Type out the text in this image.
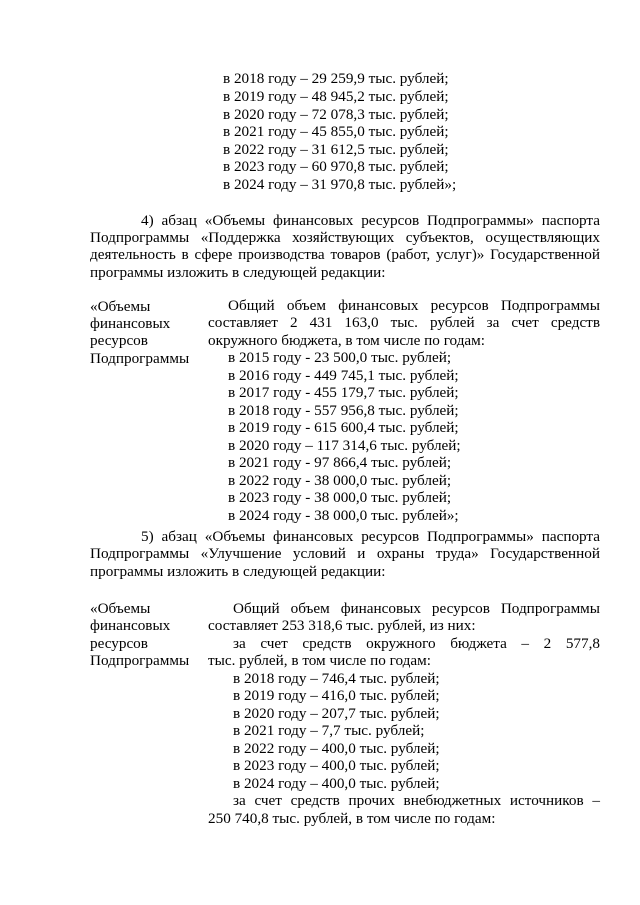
в 2018 году – 29 259,9 тыс. рублей;
в 2019 году – 48 945,2 тыс. рублей;
в 2020 году – 72 078,3 тыс. рублей;
в 2021 году – 45 855,0 тыс. рублей;
в 2022 году – 31 612,5 тыс. рублей;
в 2023 году – 60 970,8 тыс. рублей;
в 2024 году – 31 970,8 тыс. рублей»;
4) абзац «Объемы финансовых ресурсов Подпрограммы» паспорта
Подпрограммы «Поддержка хозяйствующих субъектов, осуществляющих
деятельность в сфере производства товаров (работ, услуг)» Государственной
программы изложить в следующей редакции:
«Объемы
финансовых
ресурсов
Подпрограммы
Общий объем финансовых ресурсов Подпрограммы
составляет 2 431 163,0 тыс. рублей за счет средств
окружного бюджета, в том числе по годам:
в 2015 году - 23 500,0 тыс. рублей;
в 2016 году - 449 745,1 тыс. рублей;
в 2017 году - 455 179,7 тыс. рублей;
в 2018 году - 557 956,8 тыс. рублей;
в 2019 году - 615 600,4 тыс. рублей;
в 2020 году – 117 314,6 тыс. рублей;
в 2021 году - 97 866,4 тыс. рублей;
в 2022 году - 38 000,0 тыс. рублей;
в 2023 году - 38 000,0 тыс. рублей;
в 2024 году - 38 000,0 тыс. рублей»;
5) абзац «Объемы финансовых ресурсов Подпрограммы» паспорта
Подпрограммы «Улучшение условий и охраны труда» Государственной
программы изложить в следующей редакции:
«Объемы
финансовых
ресурсов
Подпрограммы
Общий объем финансовых ресурсов Подпрограммы
составляет 253 318,6 тыс. рублей, из них:
за счет средств окружного бюджета – 2 577,8
тыс. рублей, в том числе по годам:
в 2018 году – 746,4 тыс. рублей;
в 2019 году – 416,0 тыс. рублей;
в 2020 году – 207,7 тыс. рублей;
в 2021 году – 7,7 тыс. рублей;
в 2022 году – 400,0 тыс. рублей;
в 2023 году – 400,0 тыс. рублей;
в 2024 году – 400,0 тыс. рублей;
за счет средств прочих внебюджетных источников –
250 740,8 тыс. рублей, в том числе по годам:
